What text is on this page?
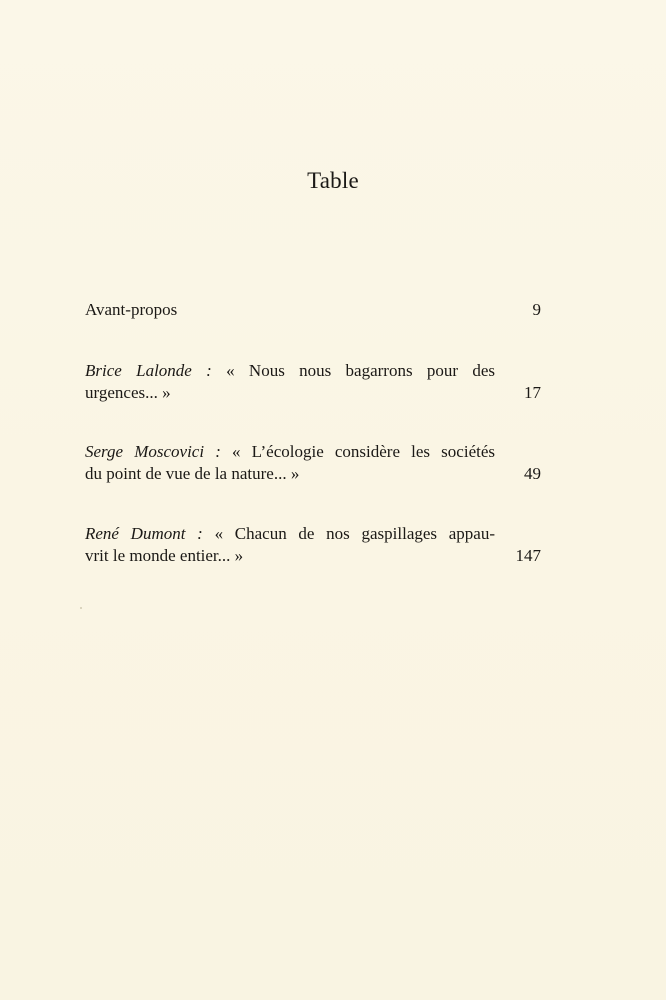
Table
Avant-propos	9
Brice Lalonde : « Nous nous bagarrons pour des
urgences... »	17
Serge Moscovici : « L’écologie considère les sociétés
du point de vue de la nature... »	49
René Dumont : « Chacun de nos gaspillages appau-
vrit le monde entier... »	147
